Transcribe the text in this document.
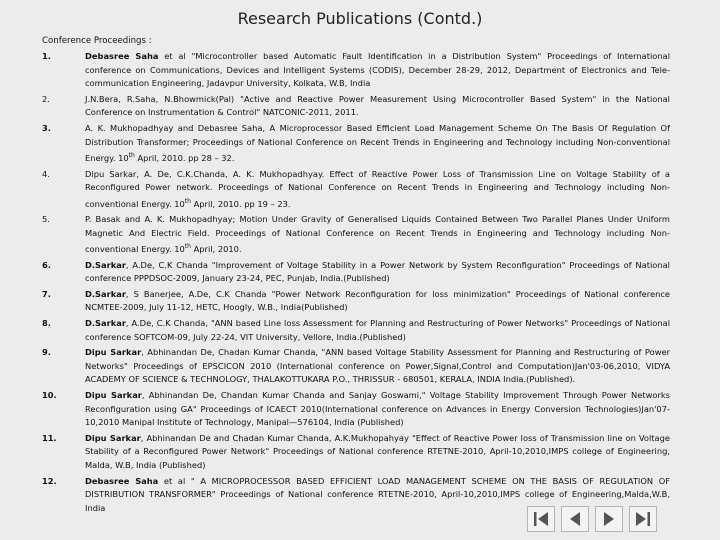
Research Publications (Contd.)
Conference Proceedings :
1.	Debasree Saha et al "Microcontroller based Automatic Fault Identification in a Distribution System" Proceedings of International conference on Communications, Devices and Intelligent Systems (CODIS), December 28-29, 2012, Department of Electronics and Tele-communication Engineering, Jadavpur University, Kolkata, W.B, India
2.	J.N.Bera, R.Saha, N.Bhowmick(Pal) "Active and Reactive Power Measurement Using Microcontroller Based System" in the National Conference on Instrumentation & Control" NATCONIC-2011, 2011.
3.	A. K. Mukhopadhyay and Debasree Saha, A Microprocessor Based Efficient Load Management Scheme On The Basis Of Regulation Of Distribution Transformer; Proceedings of National Conference on Recent Trends in Engineering and Technology including Non-conventional Energy. 10th April, 2010. pp 28 – 32.
4.	Dipu Sarkar, A. De, C.K.Chanda, A. K. Mukhopadhyay. Effect of Reactive Power Loss of Transmission Line on Voltage Stability of a Reconfigured Power network. Proceedings of National Conference on Recent Trends in Engineering and Technology including Non-conventional Energy. 10th April, 2010. pp 19 – 23.
5.	P. Basak and A. K. Mukhopadhyay; Motion Under Gravity of Generalised Liquids Contained Between Two Parallel Planes Under Uniform Magnetic And Electric Field. Proceedings of National Conference on Recent Trends in Engineering and Technology including Non-conventional Energy. 10th April, 2010.
6.	D.Sarkar, A.De, C.K Chanda "Improvement of Voltage Stability in a Power Network by System Reconfiguration" Proceedings of National conference PPPDSOC-2009, January 23-24, PEC, Punjab, India.(Published)
7.	D.Sarkar, S Banerjee, A.De, C.K Chanda "Power Network Reconfiguration for loss minimization" Proceedings of National conference NCMTEE-2009, July 11-12, HETC, Hoogly, W.B., India(Published)
8.	D.Sarkar, A.De, C.K Chanda, "ANN based Line loss Assessment for Planning and Restructuring of Power Networks" Proceedings of National conference SOFTCOM-09, July 22-24, VIT University, Vellore, India.(Published)
9.	Dipu Sarkar, Abhinandan De, Chadan Kumar Chanda, "ANN based Voltage Stability Assessment for Planning and Restructuring of Power Networks" Proceedings of EPSCICON 2010 (International conference on Power,Signal,Control and Computation)Jan'03-06,2010, VIDYA ACADEMY OF SCIENCE & TECHNOLOGY, THALAKOTTUKARA P.O., THRISSUR - 680501, KERALA, INDIA India.(Published).
10.	Dipu Sarkar, Abhinandan De, Chandan Kumar Chanda and Sanjay Goswami," Voltage Stability Improvement Through Power Networks Reconfiguration using GA" Proceedings of ICAECT 2010(International conference on Advances in Energy Conversion Technologies)Jan'07-10,2010 Manipal Institute of Technology, Manipal—576104, India (Published)
11.	Dipu Sarkar, Abhinandan De and Chadan Kumar Chanda, A.K.Mukhopahyay "Effect of Reactive Power loss of Transmission line on Voltage Stability of a Reconfigured Power Network" Proceedings of National conference RTETNE-2010, April-10,2010,IMPS college of Engineering, Malda, W.B, India (Published)
12.	Debasree Saha et al " A MICROPROCESSOR BASED EFFICIENT LOAD MANAGEMENT SCHEME ON THE BASIS OF REGULATION OF DISTRIBUTION TRANSFORMER" Proceedings of National conference RTETNE-2010, April-10,2010,IMPS college of Engineering,Malda,W.B, India
